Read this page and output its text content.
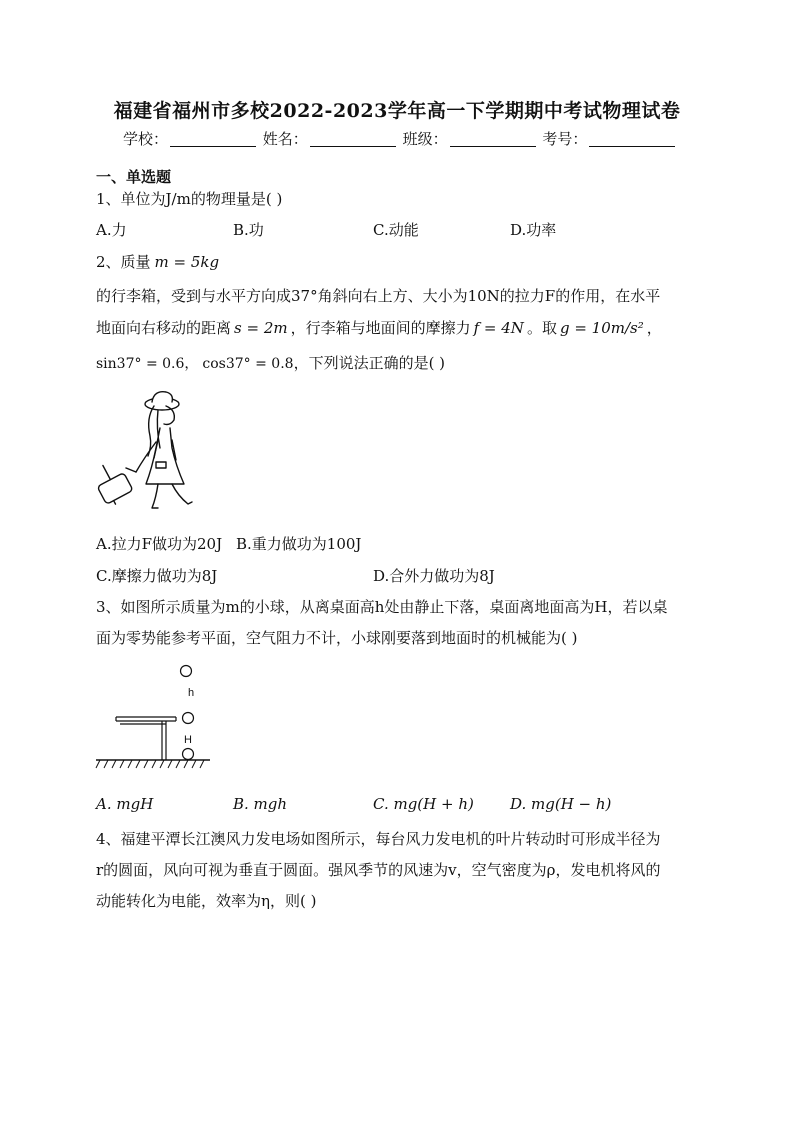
福建省福州市多校2022-2023学年高一下学期期中考试物理试卷
学校：	姓名：	班级：	考号：
一、单选题
1、单位为J/m的物理量是( )
A.力	B.功	C.动能	D.功率
2、质量 m = 5kg
的行李箱，受到与水平方向成37°角斜向右上方、大小为10N的拉力F的作用，在水平
地面向右移动的距离 s = 2m ，行李箱与地面间的摩擦力 f = 4N 。取 g = 10m/s² ，
sin37° = 0.6， cos37° = 0.8，下列说法正确的是( )
A.拉力F做功为20J B.重力做功为100J
C.摩擦力做功为8J	D.合外力做功为8J
3、如图所示质量为m的小球，从离桌面高h处由静止下落，桌面离地面高为H，若以桌
面为零势能参考平面，空气阻力不计，小球刚要落到地面时的机械能为( )
h
H
A. mgH	B. mgh	C. mg(H + h) D. mg(H − h)
4、福建平潭长江澳风力发电场如图所示，每台风力发电机的叶片转动时可形成半径为
r的圆面，风向可视为垂直于圆面。强风季节的风速为v，空气密度为ρ，发电机将风的
动能转化为电能，效率为η，则( )
